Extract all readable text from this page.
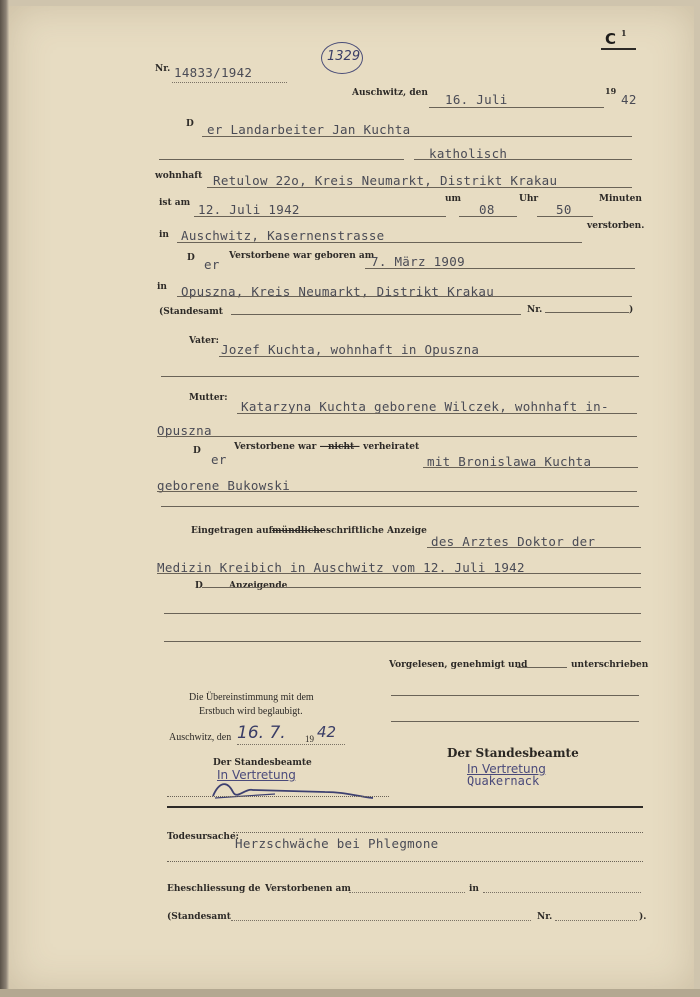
C 1
Nr. 14833/1942
1329
Auschwitz, den 16. Juli
19
42
D er Landarbeiter Jan Kuchta
katholisch
wohnhaft Retulow 22o, Kreis Neumarkt, Distrikt Krakau
ist am 12. Juli 1942
um
08
Uhr
50
Minuten
in Auschwitz, Kasernenstrasse
verstorben.
D er
Verstorbene war geboren am
7. März 1909
in Opuszna, Kreis Neumarkt, Distrikt Krakau
(Standesamt	Nr.	)
Vater:
Jozef Kuchta, wohnhaft in Opuszna
Mutter:
Katarzyna Kuchta geborene Wilczek, wohnhaft in-
Opuszna
D
er
Verstorbene war — nicht
— verheiratet
mit Bronislawa Kuchta
geborene Bukowski
Eingetragen auf mündliche schriftliche Anzeige
des Arztes Doktor der
Medizin Kreibich in Auschwitz vom 12. Juli 1942
D	Anzeigende
Vorgelesen, genehmigt und	unterschrieben
Die Übereinstimmung mit dem
Erstbuch wird beglaubigt.
Auschwitz, den 16. 7. 19 42
Der Standesbeamte
In Vertretung
Der Standesbeamte
In Vertretung
Quakernack
Todesursache:
Herzschwäche bei Phlegmone
Eheschliessung de Verstorbenen am	in
(Standesamt	Nr.	).
